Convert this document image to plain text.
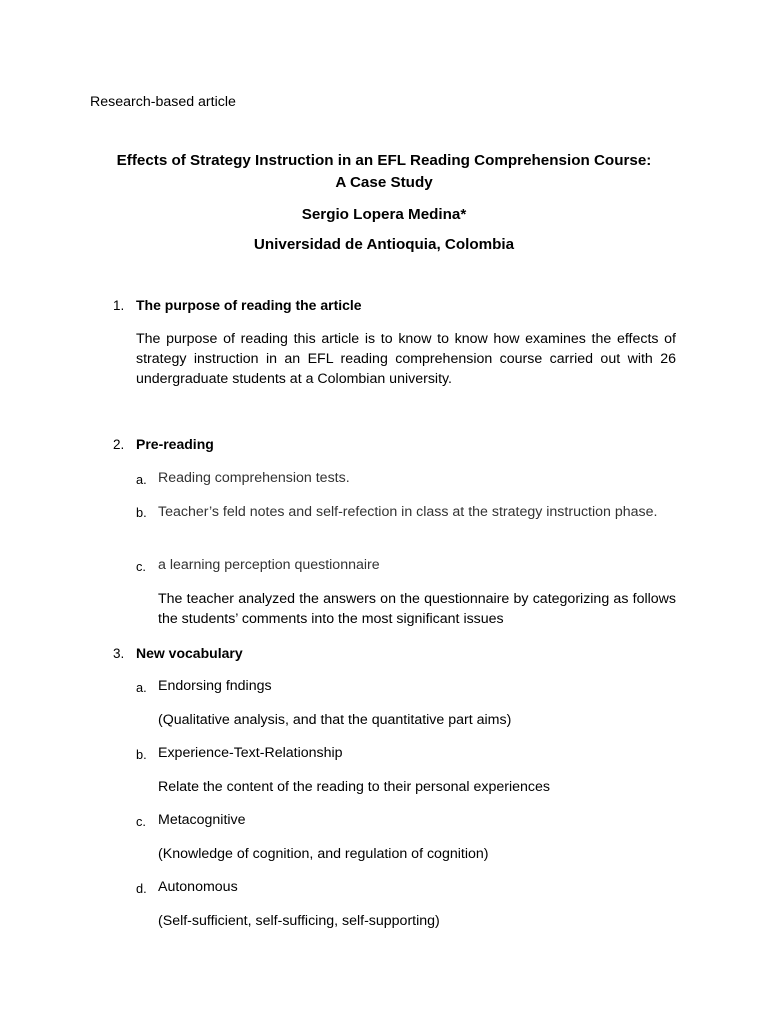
Research-based article
Effects of Strategy Instruction in an EFL Reading Comprehension Course:
A Case Study
Sergio Lopera Medina*
Universidad de Antioquia, Colombia
1. The purpose of reading the article
The purpose of reading this article is to know to know how examines the effects of strategy instruction in an EFL reading comprehension course carried out with 26 undergraduate students at a Colombian university.
2. Pre-reading
a. Reading comprehension tests.
b. Teacher’s feld notes and self-refection in class at the strategy instruction phase.
c. a learning perception questionnaire
The teacher analyzed the answers on the questionnaire by categorizing as follows the students’ comments into the most significant issues
3. New vocabulary
a. Endorsing fndings
(Qualitative analysis, and that the quantitative part aims)
b. Experience-Text-Relationship
Relate the content of the reading to their personal experiences
c. Metacognitive
(Knowledge of cognition, and regulation of cognition)
d. Autonomous
(Self-sufficient, self-sufficing, self-supporting)
